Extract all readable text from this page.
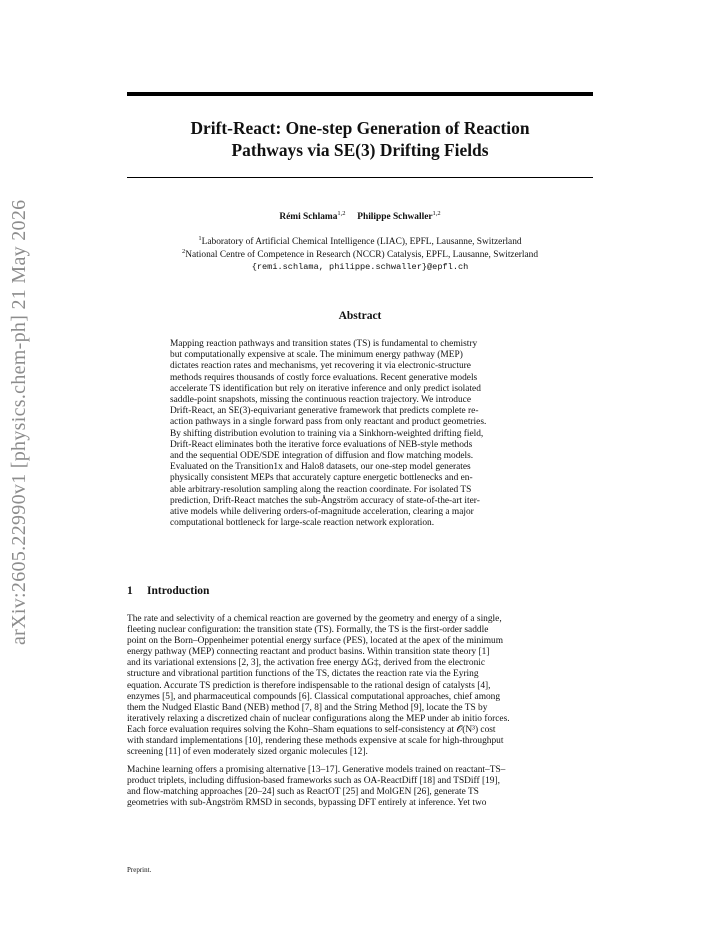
arXiv:2605.22990v1 [physics.chem-ph] 21 May 2026
Drift-React: One-step Generation of Reaction
Pathways via SE(3) Drifting Fields
Rémi Schlama$^{1,2}$ Philippe Schwaller$^{1,2}$
$^1$Laboratory of Artificial Chemical Intelligence (LIAC), EPFL, Lausanne, Switzerland
$^2$National Centre of Competence in Research (NCCR) Catalysis, EPFL, Lausanne, Switzerland
{remi.schlama, philippe.schwaller}@epfl.ch
Abstract
Mapping reaction pathways and transition states (TS) is fundamental to chemistry
but computationally expensive at scale. The minimum energy pathway (MEP)
dictates reaction rates and mechanisms, yet recovering it via electronic-structure
methods requires thousands of costly force evaluations. Recent generative models
accelerate TS identification but rely on iterative inference and only predict isolated
saddle-point snapshots, missing the continuous reaction trajectory. We introduce
Drift-React, an SE(3)-equivariant generative framework that predicts complete re-
action pathways in a single forward pass from only reactant and product geometries.
By shifting distribution evolution to training via a Sinkhorn-weighted drifting field,
Drift-React eliminates both the iterative force evaluations of NEB-style methods
and the sequential ODE/SDE integration of diffusion and flow matching models.
Evaluated on the Transition1x and Halo8 datasets, our one-step model generates
physically consistent MEPs that accurately capture energetic bottlenecks and en-
able arbitrary-resolution sampling along the reaction coordinate. For isolated TS
prediction, Drift-React matches the sub-Ångström accuracy of state-of-the-art iter-
ative models while delivering orders-of-magnitude acceleration, clearing a major
computational bottleneck for large-scale reaction network exploration.
1 Introduction
The rate and selectivity of a chemical reaction are governed by the geometry and energy of a single,
fleeting nuclear configuration: the transition state (TS). Formally, the TS is the first-order saddle
point on the Born–Oppenheimer potential energy surface (PES), located at the apex of the minimum
energy pathway (MEP) connecting reactant and product basins. Within transition state theory [1]
and its variational extensions [2, 3], the activation free energy ΔG‡, derived from the electronic
structure and vibrational partition functions of the TS, dictates the reaction rate via the Eyring
equation. Accurate TS prediction is therefore indispensable to the rational design of catalysts [4],
enzymes [5], and pharmaceutical compounds [6]. Classical computational approaches, chief among
them the Nudged Elastic Band (NEB) method [7, 8] and the String Method [9], locate the TS by
iteratively relaxing a discretized chain of nuclear configurations along the MEP under ab initio forces.
Each force evaluation requires solving the Kohn–Sham equations to self-consistency at 𝒪(N³) cost
with standard implementations [10], rendering these methods expensive at scale for high-throughput
screening [11] of even moderately sized organic molecules [12].
Machine learning offers a promising alternative [13–17]. Generative models trained on reactant–TS–
product triplets, including diffusion-based frameworks such as OA-ReactDiff [18] and TSDiff [19],
and flow-matching approaches [20–24] such as ReactOT [25] and MolGEN [26], generate TS
geometries with sub-Ångström RMSD in seconds, bypassing DFT entirely at inference. Yet two
Preprint.
